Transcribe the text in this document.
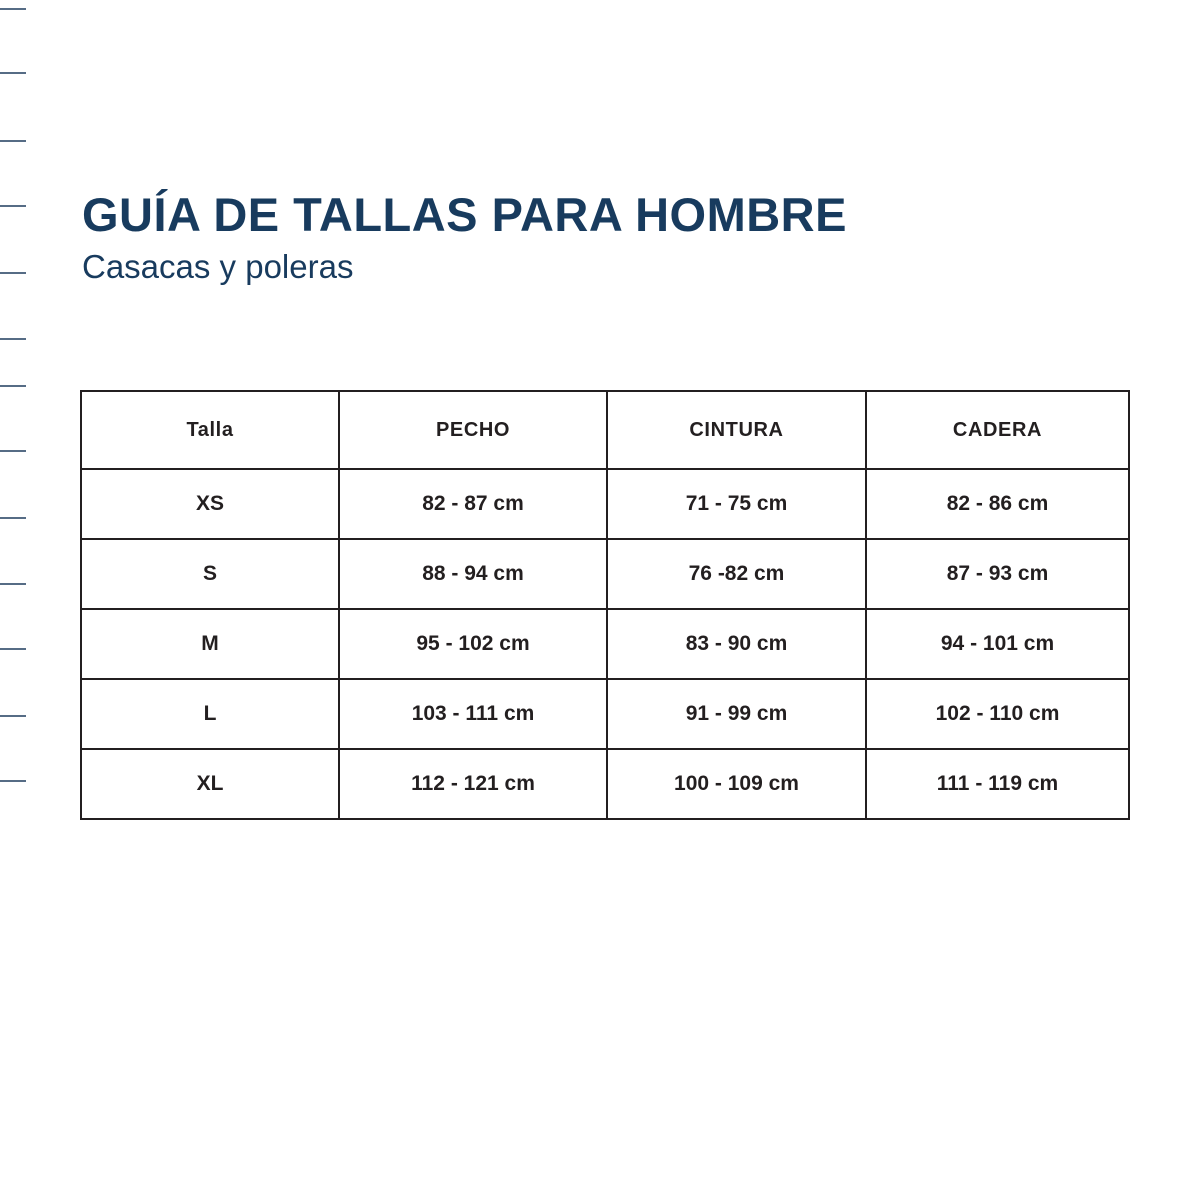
GUÍA DE TALLAS PARA HOMBRE
Casacas y poleras
Talla	PECHO	CINTURA	CADERA
XS	82 - 87 cm	71 - 75 cm	82 - 86 cm
S	88 - 94 cm	76 -82 cm	87 - 93 cm
M	95 - 102 cm	83 - 90 cm	94 - 101 cm
L	103 - 111 cm	91 - 99 cm	102 - 110 cm
XL	112 - 121 cm	100 - 109 cm	111 - 119 cm
